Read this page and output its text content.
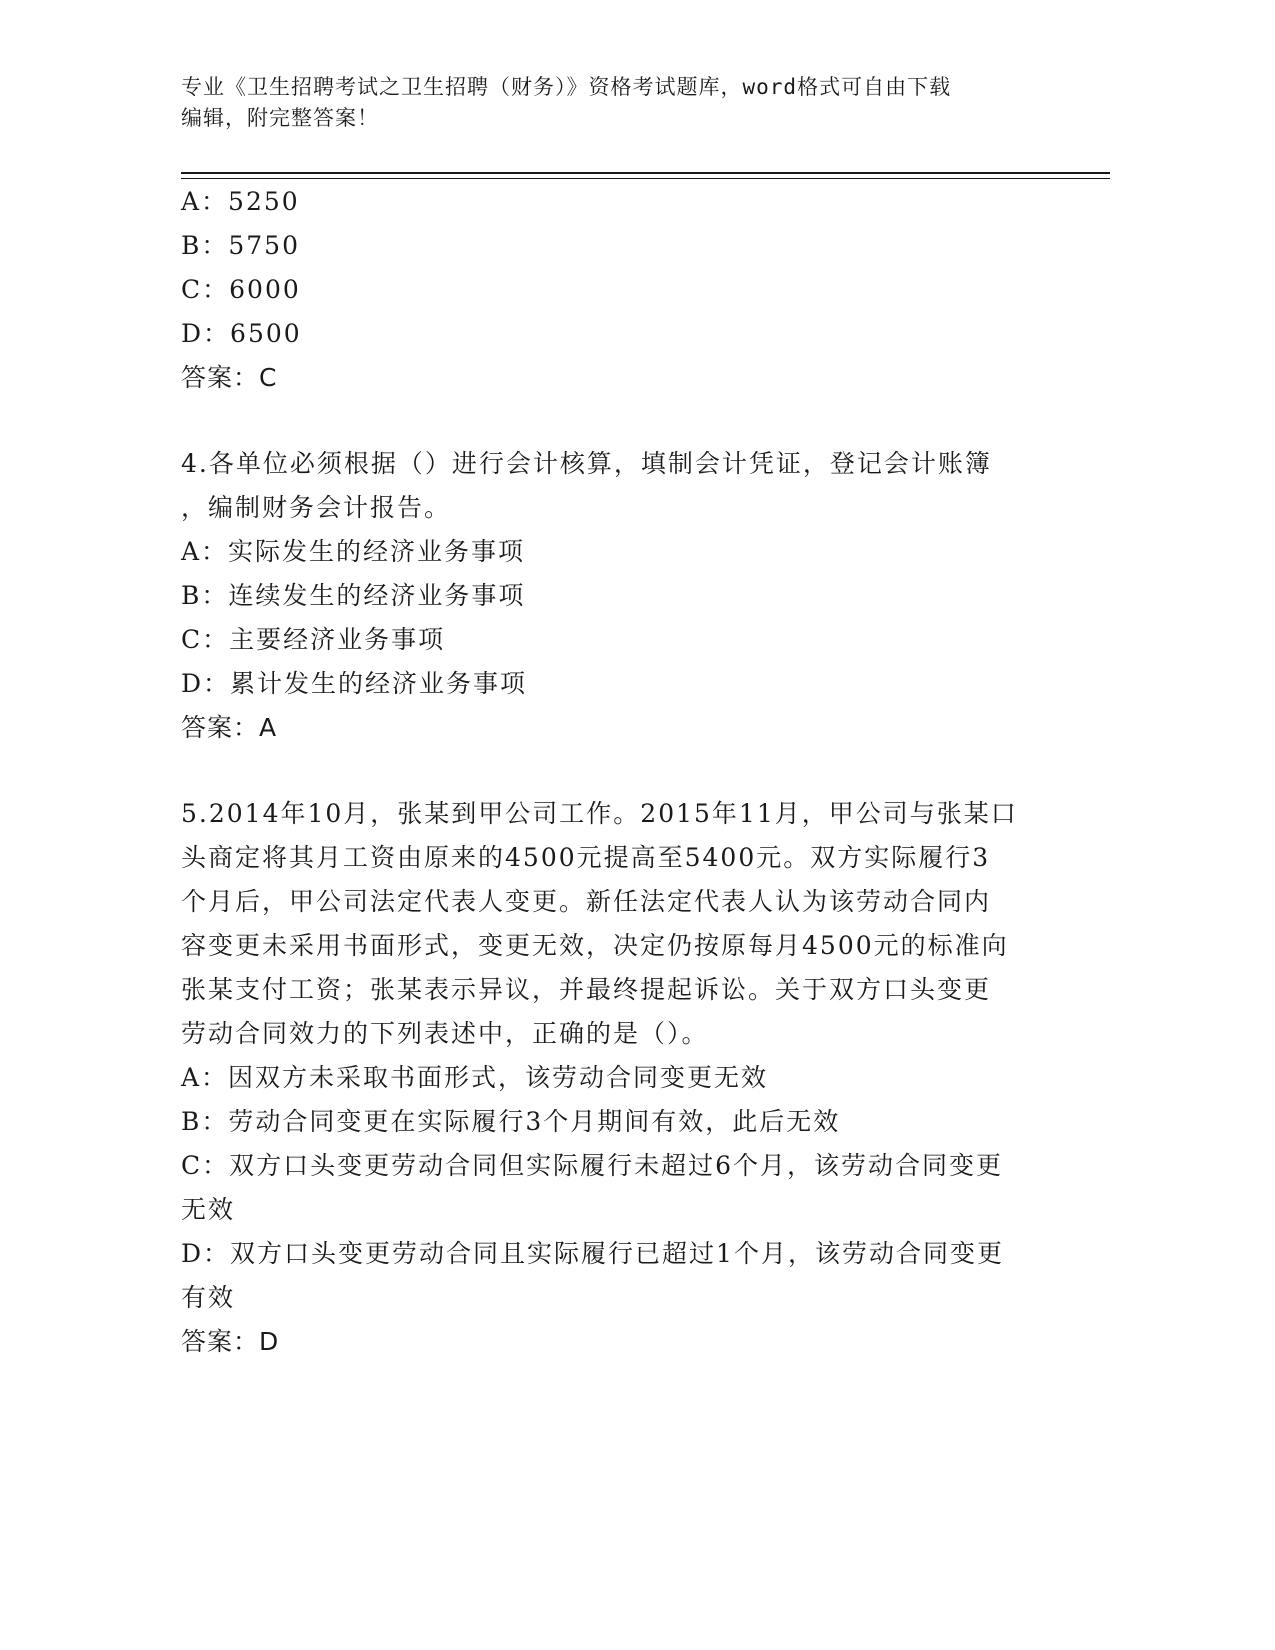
专业《卫生招聘考试之卫生招聘（财务）》资格考试题库，word格式可自由下载
编辑，附完整答案！
A：5250
B：5750
C：6000
D：6500
答案：C
4.各单位必须根据（）进行会计核算，填制会计凭证，登记会计账簿
，编制财务会计报告。
A：实际发生的经济业务事项
B：连续发生的经济业务事项
C：主要经济业务事项
D：累计发生的经济业务事项
答案：A
5.2014年10月，张某到甲公司工作。2015年11月，甲公司与张某口
头商定将其月工资由原来的4500元提高至5400元。双方实际履行3
个月后，甲公司法定代表人变更。新任法定代表人认为该劳动合同内
容变更未采用书面形式，变更无效，决定仍按原每月4500元的标准向
张某支付工资；张某表示异议，并最终提起诉讼。关于双方口头变更
劳动合同效力的下列表述中，正确的是（）。
A：因双方未采取书面形式，该劳动合同变更无效
B：劳动合同变更在实际履行3个月期间有效，此后无效
C：双方口头变更劳动合同但实际履行未超过6个月，该劳动合同变更
无效
D：双方口头变更劳动合同且实际履行已超过1个月，该劳动合同变更
有效
答案：D
